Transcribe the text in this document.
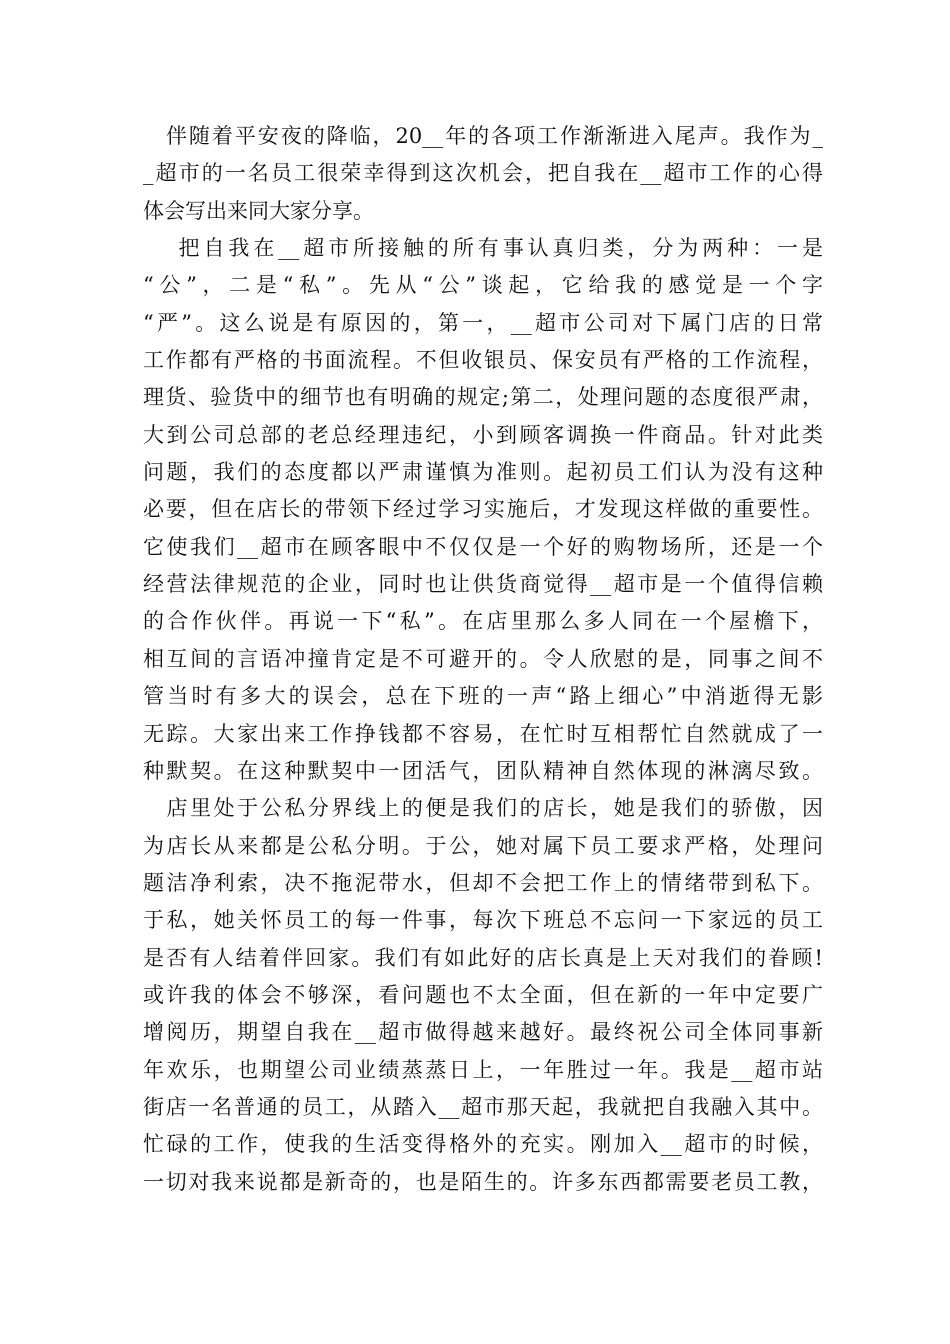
　伴随着平安夜的降临，20__年的各项工作渐渐进入尾声。我作为_
_超市的一名员工很荣幸得到这次机会，把自我在__超市工作的心得
体会写出来同大家分享。
　 把自我在__超市所接触的所有事认真归类，分为两种：一是
“公”，二是“私”。先从“公”谈起，它给我的感觉是一个字
“严”。这么说是有原因的，第一，__超市公司对下属门店的日常
工作都有严格的书面流程。不但收银员、保安员有严格的工作流程，
理货、验货中的细节也有明确的规定;第二，处理问题的态度很严肃，
大到公司总部的老总经理违纪，小到顾客调换一件商品。针对此类
问题，我们的态度都以严肃谨慎为准则。起初员工们认为没有这种
必要，但在店长的带领下经过学习实施后，才发现这样做的重要性。
它使我们__超市在顾客眼中不仅仅是一个好的购物场所，还是一个
经营法律规范的企业，同时也让供货商觉得__超市是一个值得信赖
的合作伙伴。再说一下“私”。在店里那么多人同在一个屋檐下，
相互间的言语冲撞肯定是不可避开的。令人欣慰的是，同事之间不
管当时有多大的误会，总在下班的一声“路上细心”中消逝得无影
无踪。大家出来工作挣钱都不容易，在忙时互相帮忙自然就成了一
种默契。在这种默契中一团活气，团队精神自然体现的淋漓尽致。
　店里处于公私分界线上的便是我们的店长，她是我们的骄傲，因
为店长从来都是公私分明。于公，她对属下员工要求严格，处理问
题洁净利索，决不拖泥带水，但却不会把工作上的情绪带到私下。
于私，她关怀员工的每一件事，每次下班总不忘问一下家远的员工
是否有人结着伴回家。我们有如此好的店长真是上天对我们的眷顾!
或许我的体会不够深，看问题也不太全面，但在新的一年中定要广
增阅历，期望自我在__超市做得越来越好。最终祝公司全体同事新
年欢乐，也期望公司业绩蒸蒸日上，一年胜过一年。我是__超市站
街店一名普通的员工，从踏入__超市那天起，我就把自我融入其中。
忙碌的工作，使我的生活变得格外的充实。刚加入__超市的时候，
一切对我来说都是新奇的，也是陌生的。许多东西都需要老员工教，
